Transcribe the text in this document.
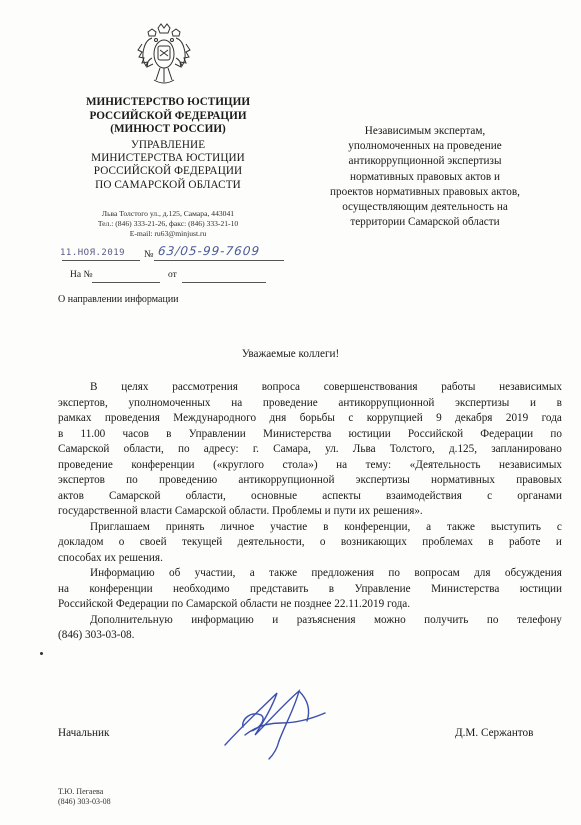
МИНИСТЕРСТВО ЮСТИЦИИ
РОССИЙСКОЙ ФЕДЕРАЦИИ
(МИНЮСТ РОССИИ)
УПРАВЛЕНИЕ
МИНИСТЕРСТВА ЮСТИЦИИ
РОССИЙСКОЙ ФЕДЕРАЦИИ
ПО САМАРСКОЙ ОБЛАСТИ
Льва Толстого ул., д.125, Самара, 443041
Тел.: (846) 333-21-26, факс: (846) 333-21-10
E-mail: ru63@minjust.ru
11.НОЯ.2019 № 63/05-99-7609
На №	от
О направлении информации
Независимым экспертам,
уполномоченных на проведение
антикоррупционной экспертизы
нормативных правовых актов и
проектов нормативных правовых актов,
осуществляющим деятельность на
территории Самарской области
Уважаемые коллеги!
В целях рассмотрения вопроса совершенствования работы независимых
экспертов, уполномоченных на проведение антикоррупционной экспертизы и в
рамках проведения Международного дня борьбы с коррупцией 9 декабря 2019 года
в 11.00 часов в Управлении Министерства юстиции Российской Федерации по
Самарской области, по адресу: г. Самара, ул. Льва Толстого, д.125, запланировано
проведение конференции («круглого стола») на тему: «Деятельность независимых
экспертов по проведению антикоррупционной экспертизы нормативных правовых
актов Самарской области, основные аспекты взаимодействия с органами
государственной власти Самарской области. Проблемы и пути их решения».
Приглашаем принять личное участие в конференции, а также выступить с
докладом о своей текущей деятельности, о возникающих проблемах в работе и
способах их решения.
Информацию об участии, а также предложения по вопросам для обсуждения
на конференции необходимо представить в Управление Министерства юстиции
Российской Федерации по Самарской области не позднее 22.11.2019 года.
Дополнительную информацию и разъяснения можно получить по телефону
(846) 303-03-08.
Начальник	Д.М. Сержантов
Т.Ю. Пегаева
(846) 303-03-08
